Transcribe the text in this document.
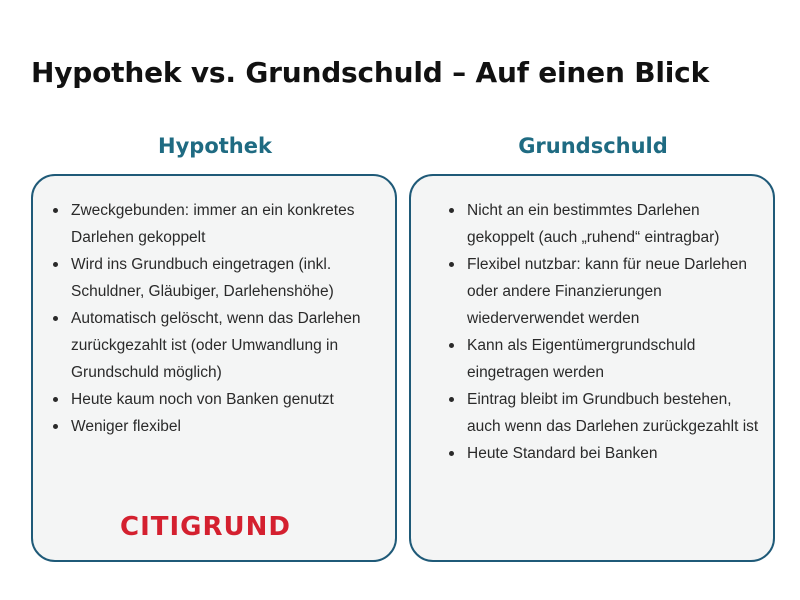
Hypothek vs. Grundschuld – Auf einen Blick
Hypothek	Grundschuld
Zweckgebunden: immer an ein konkretes Darlehen gekoppelt
Wird ins Grundbuch eingetragen (inkl. Schuldner, Gläubiger, Darlehenshöhe)
Automatisch gelöscht, wenn das Darlehen zurückgezahlt ist (oder Umwandlung in Grundschuld möglich)
Heute kaum noch von Banken genutzt
Weniger flexibel
CITIGRUND
Nicht an ein bestimmtes Darlehen gekoppelt (auch „ruhend“ eintragbar)
Flexibel nutzbar: kann für neue Darlehen oder andere Finanzierungen wiederverwendet werden
Kann als Eigentümergrundschuld eingetragen werden
Eintrag bleibt im Grundbuch bestehen, auch wenn das Darlehen zurückgezahlt ist
Heute Standard bei Banken
